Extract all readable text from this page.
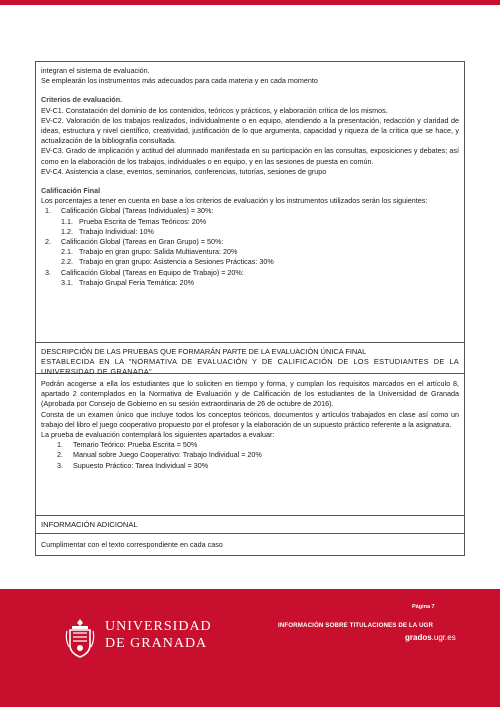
integran el sistema de evaluación.

Se emplearán los instrumentos más adecuados para cada materia y en cada momento

Criterios de evaluación.

EV-C1. Constatación del dominio de los contenidos, teóricos y prácticos, y elaboración crítica de los mismos.

EV-C2. Valoración de los trabajos realizados, individualmente o en equipo, atendiendo a la presentación, redacción y claridad de ideas, estructura y nivel científico, creatividad, justificación de lo que argumenta, capacidad y riqueza de la crítica que se hace, y actualización de la bibliografía consultada.

EV-C3. Grado de implicación y actitud del alumnado manifestada en su participación en las consultas, exposiciones y debates; así como en la elaboración de los trabajos, individuales o en equipo, y en las sesiones de puesta en común.

EV-C4. Asistencia a clase, eventos, seminarios, conferencias, tutorías, sesiones de grupo

Calificación Final

Los porcentajes a tener en cuenta en base a los criterios de evaluación y los instrumentos utilizados serán los siguientes:

1. Calificación Global (Tareas Individuales) = 30%:
1.1. Prueba Escrita de Temas Teóricos: 20%
1.2. Trabajo Individual: 10%
2. Calificación Global (Tareas en Gran Grupo) = 50%:
2.1. Trabajo en gran grupo: Salida Multiaventura: 20%
2.2. Trabajo en gran grupo: Asistencia a Sesiones Prácticas: 30%
3. Calificación Global (Tareas en Equipo de Trabajo) = 20%:
3.1. Trabajo Grupal Feria Temática: 20%

DESCRIPCIÓN DE LAS PRUEBAS QUE FORMARÁN PARTE DE LA EVALUACIÓN ÚNICA FINAL

ESTABLECIDA EN LA "NORMATIVA DE EVALUACIÓN Y DE CALIFICACIÓN DE LOS ESTUDIANTES DE LA UNIVERSIDAD DE GRANADA"

Podrán acogerse a ella los estudiantes que lo soliciten en tiempo y forma, y cumplan los requisitos marcados en el artículo 8, apartado 2 contemplados en la Normativa de Evaluación y de Calificación de los estudiantes de la Universidad de Granada (Aprobada por Consejo de Gobierno en su sesión extraordinaria de 26 de octubre de 2016).

Consta de un examen único que incluye todos los conceptos teóricos, documentos y artículos trabajados en clase así como un trabajo del libro el juego cooperativo propuesto por el profesor y la elaboración de un supuesto práctico referente a la asignatura.

La prueba de evaluación contemplará los siguientes apartados a evaluar:

1. Temario Teórico: Prueba Escrita = 50%
2. Manual sobre Juego Cooperativo: Trabajo Individual = 20%
3. Supuesto Práctico: Tarea Individual = 30%

INFORMACIÓN ADICIONAL

Cumplimentar con el texto correspondiente en cada caso

UNIVERSIDAD
DE GRANADA
Página 7
INFORMACIÓN SOBRE TITULACIONES DE LA UGR
grados.ugr.es
